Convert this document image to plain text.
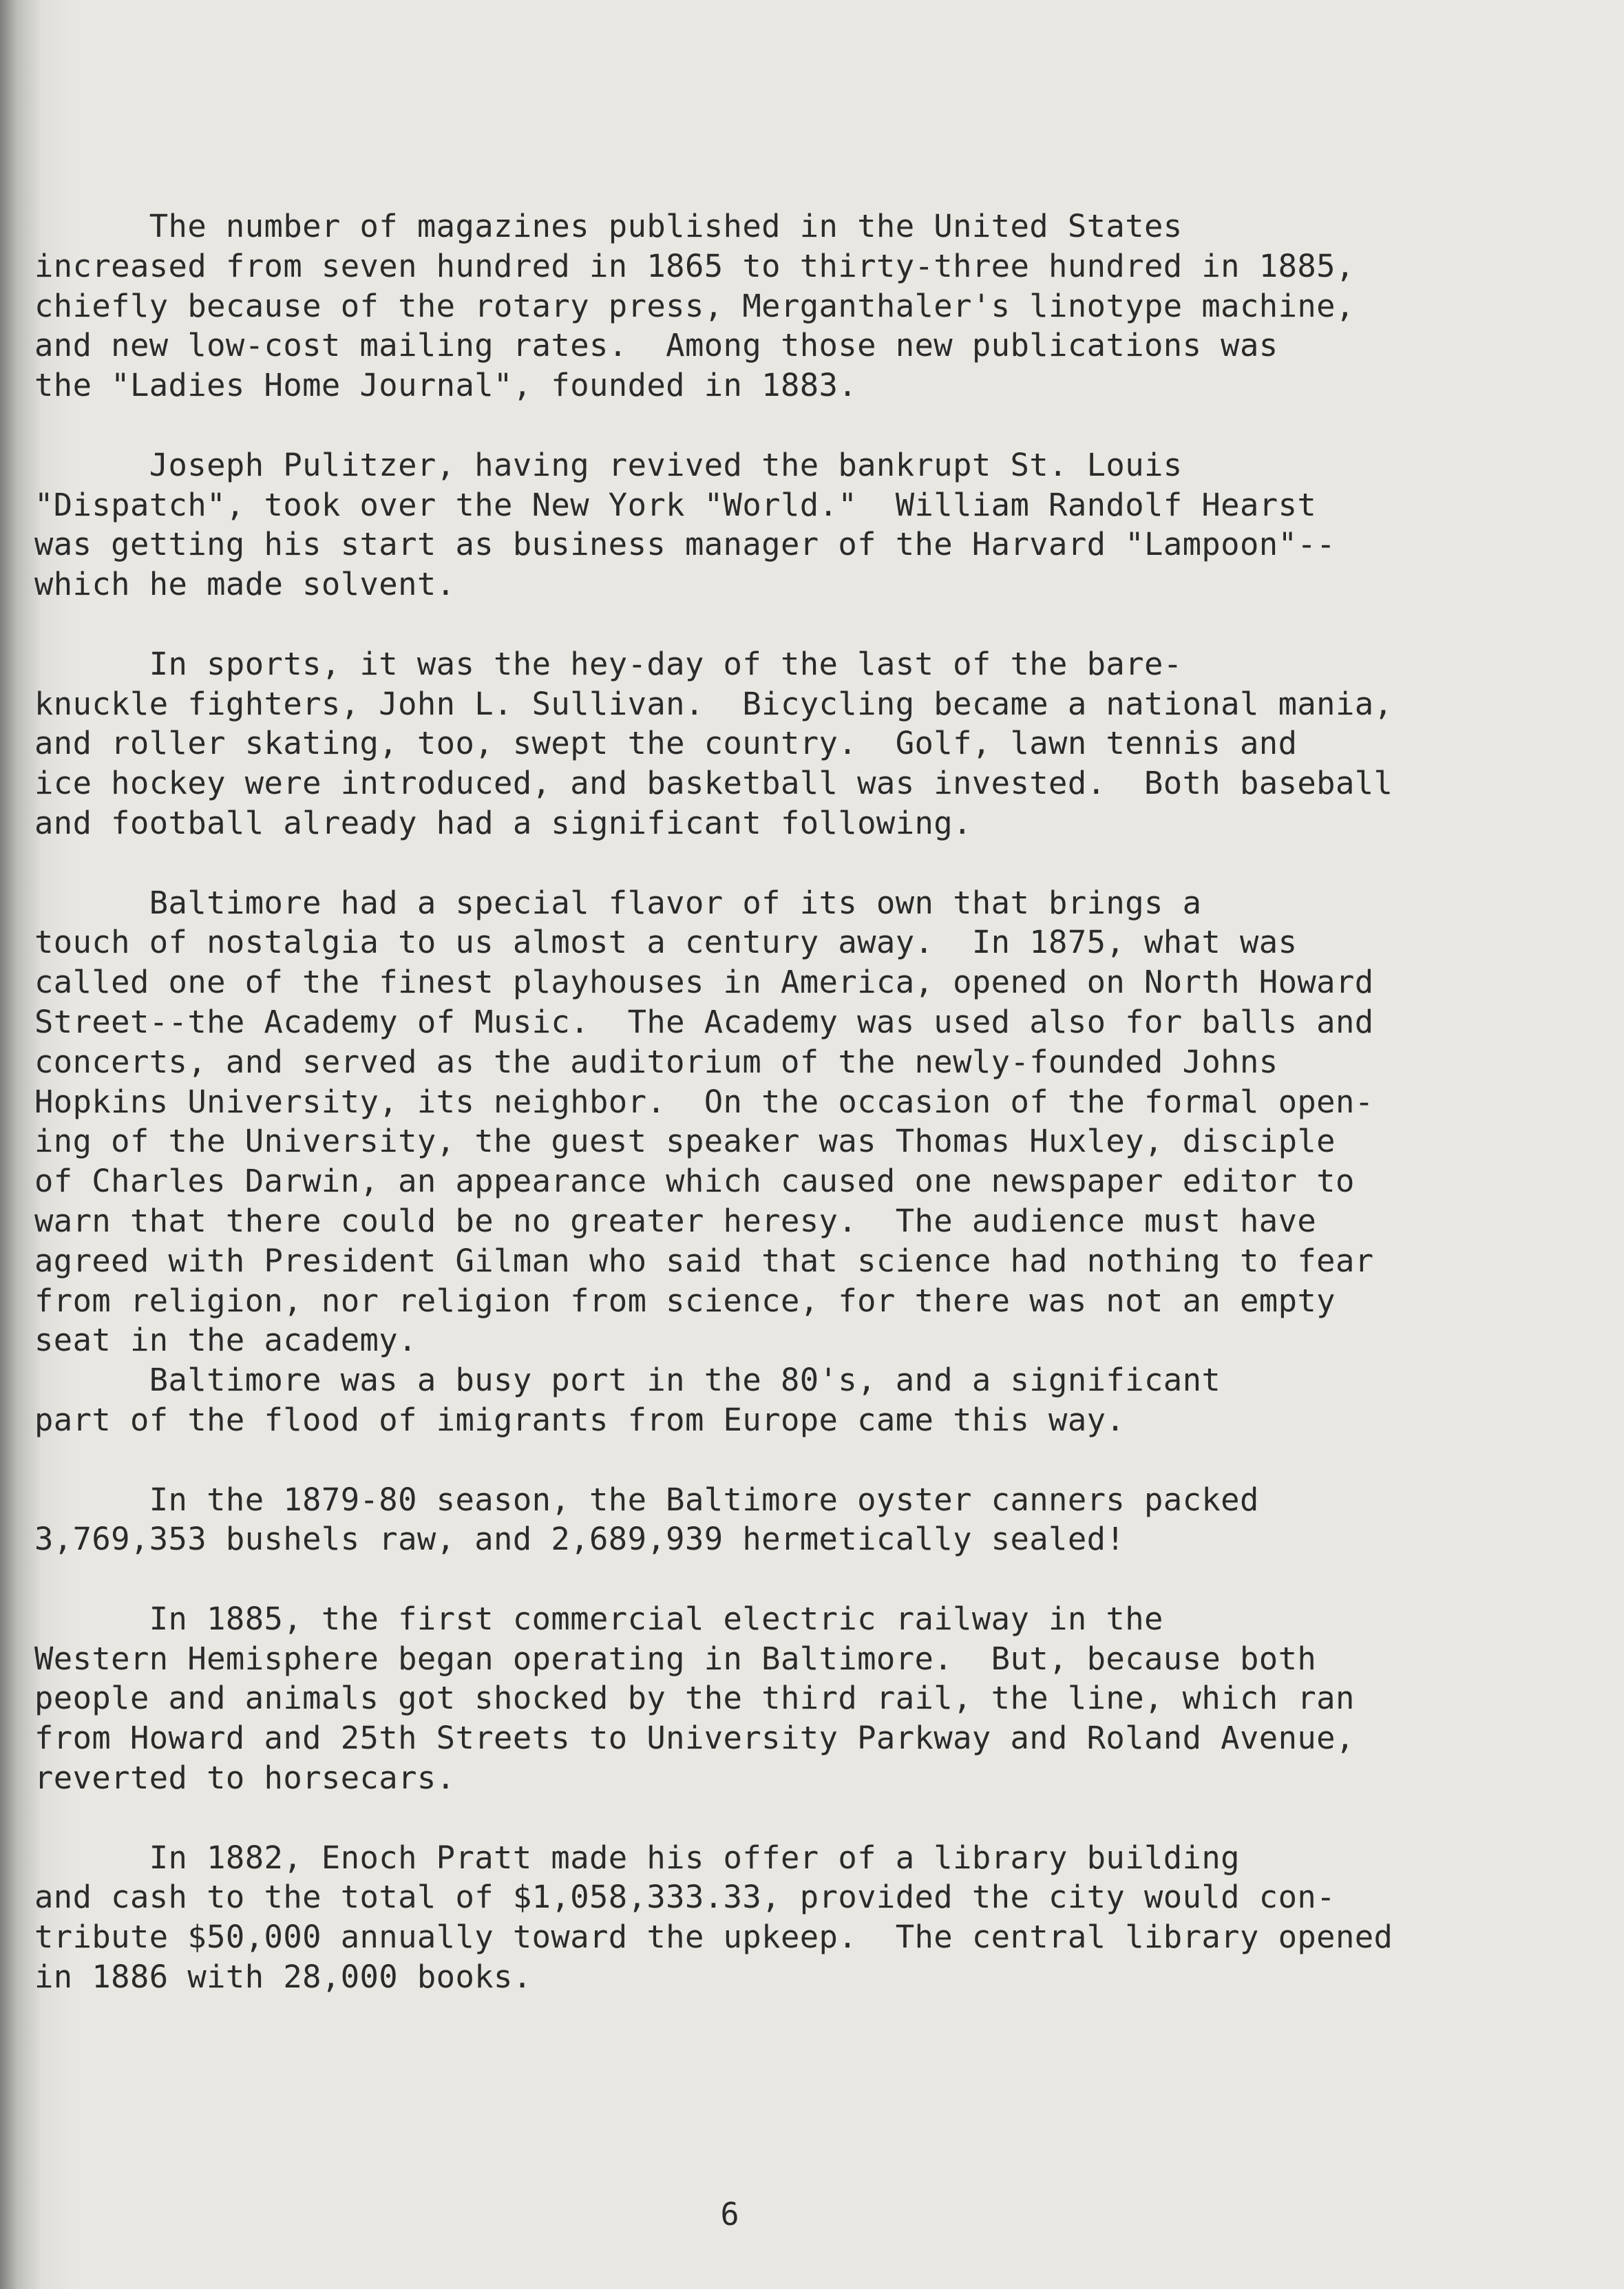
The number of magazines published in the United States
increased from seven hundred in 1865 to thirty-three hundred in 1885,
chiefly because of the rotary press, Merganthaler's linotype machine,
and new low-cost mailing rates.  Among those new publications was
the "Ladies Home Journal", founded in 1883.
Joseph Pulitzer, having revived the bankrupt St. Louis
"Dispatch", took over the New York "World."  William Randolf Hearst
was getting his start as business manager of the Harvard "Lampoon"--
which he made solvent.
In sports, it was the hey-day of the last of the bare-
knuckle fighters, John L. Sullivan.  Bicycling became a national mania,
and roller skating, too, swept the country.  Golf, lawn tennis and
ice hockey were introduced, and basketball was invested.  Both baseball
and football already had a significant following.
Baltimore had a special flavor of its own that brings a
touch of nostalgia to us almost a century away.  In 1875, what was
called one of the finest playhouses in America, opened on North Howard
Street--the Academy of Music.  The Academy was used also for balls and
concerts, and served as the auditorium of the newly-founded Johns
Hopkins University, its neighbor.  On the occasion of the formal open-
ing of the University, the guest speaker was Thomas Huxley, disciple
of Charles Darwin, an appearance which caused one newspaper editor to
warn that there could be no greater heresy.  The audience must have
agreed with President Gilman who said that science had nothing to fear
from religion, nor religion from science, for there was not an empty
seat in the academy.
Baltimore was a busy port in the 80's, and a significant
part of the flood of imigrants from Europe came this way.
In the 1879-80 season, the Baltimore oyster canners packed
3,769,353 bushels raw, and 2,689,939 hermetically sealed!
In 1885, the first commercial electric railway in the
Western Hemisphere began operating in Baltimore.  But, because both
people and animals got shocked by the third rail, the line, which ran
from Howard and 25th Streets to University Parkway and Roland Avenue,
reverted to horsecars.
In 1882, Enoch Pratt made his offer of a library building
and cash to the total of $1,058,333.33, provided the city would con-
tribute $50,000 annually toward the upkeep.  The central library opened
in 1886 with 28,000 books.
6
